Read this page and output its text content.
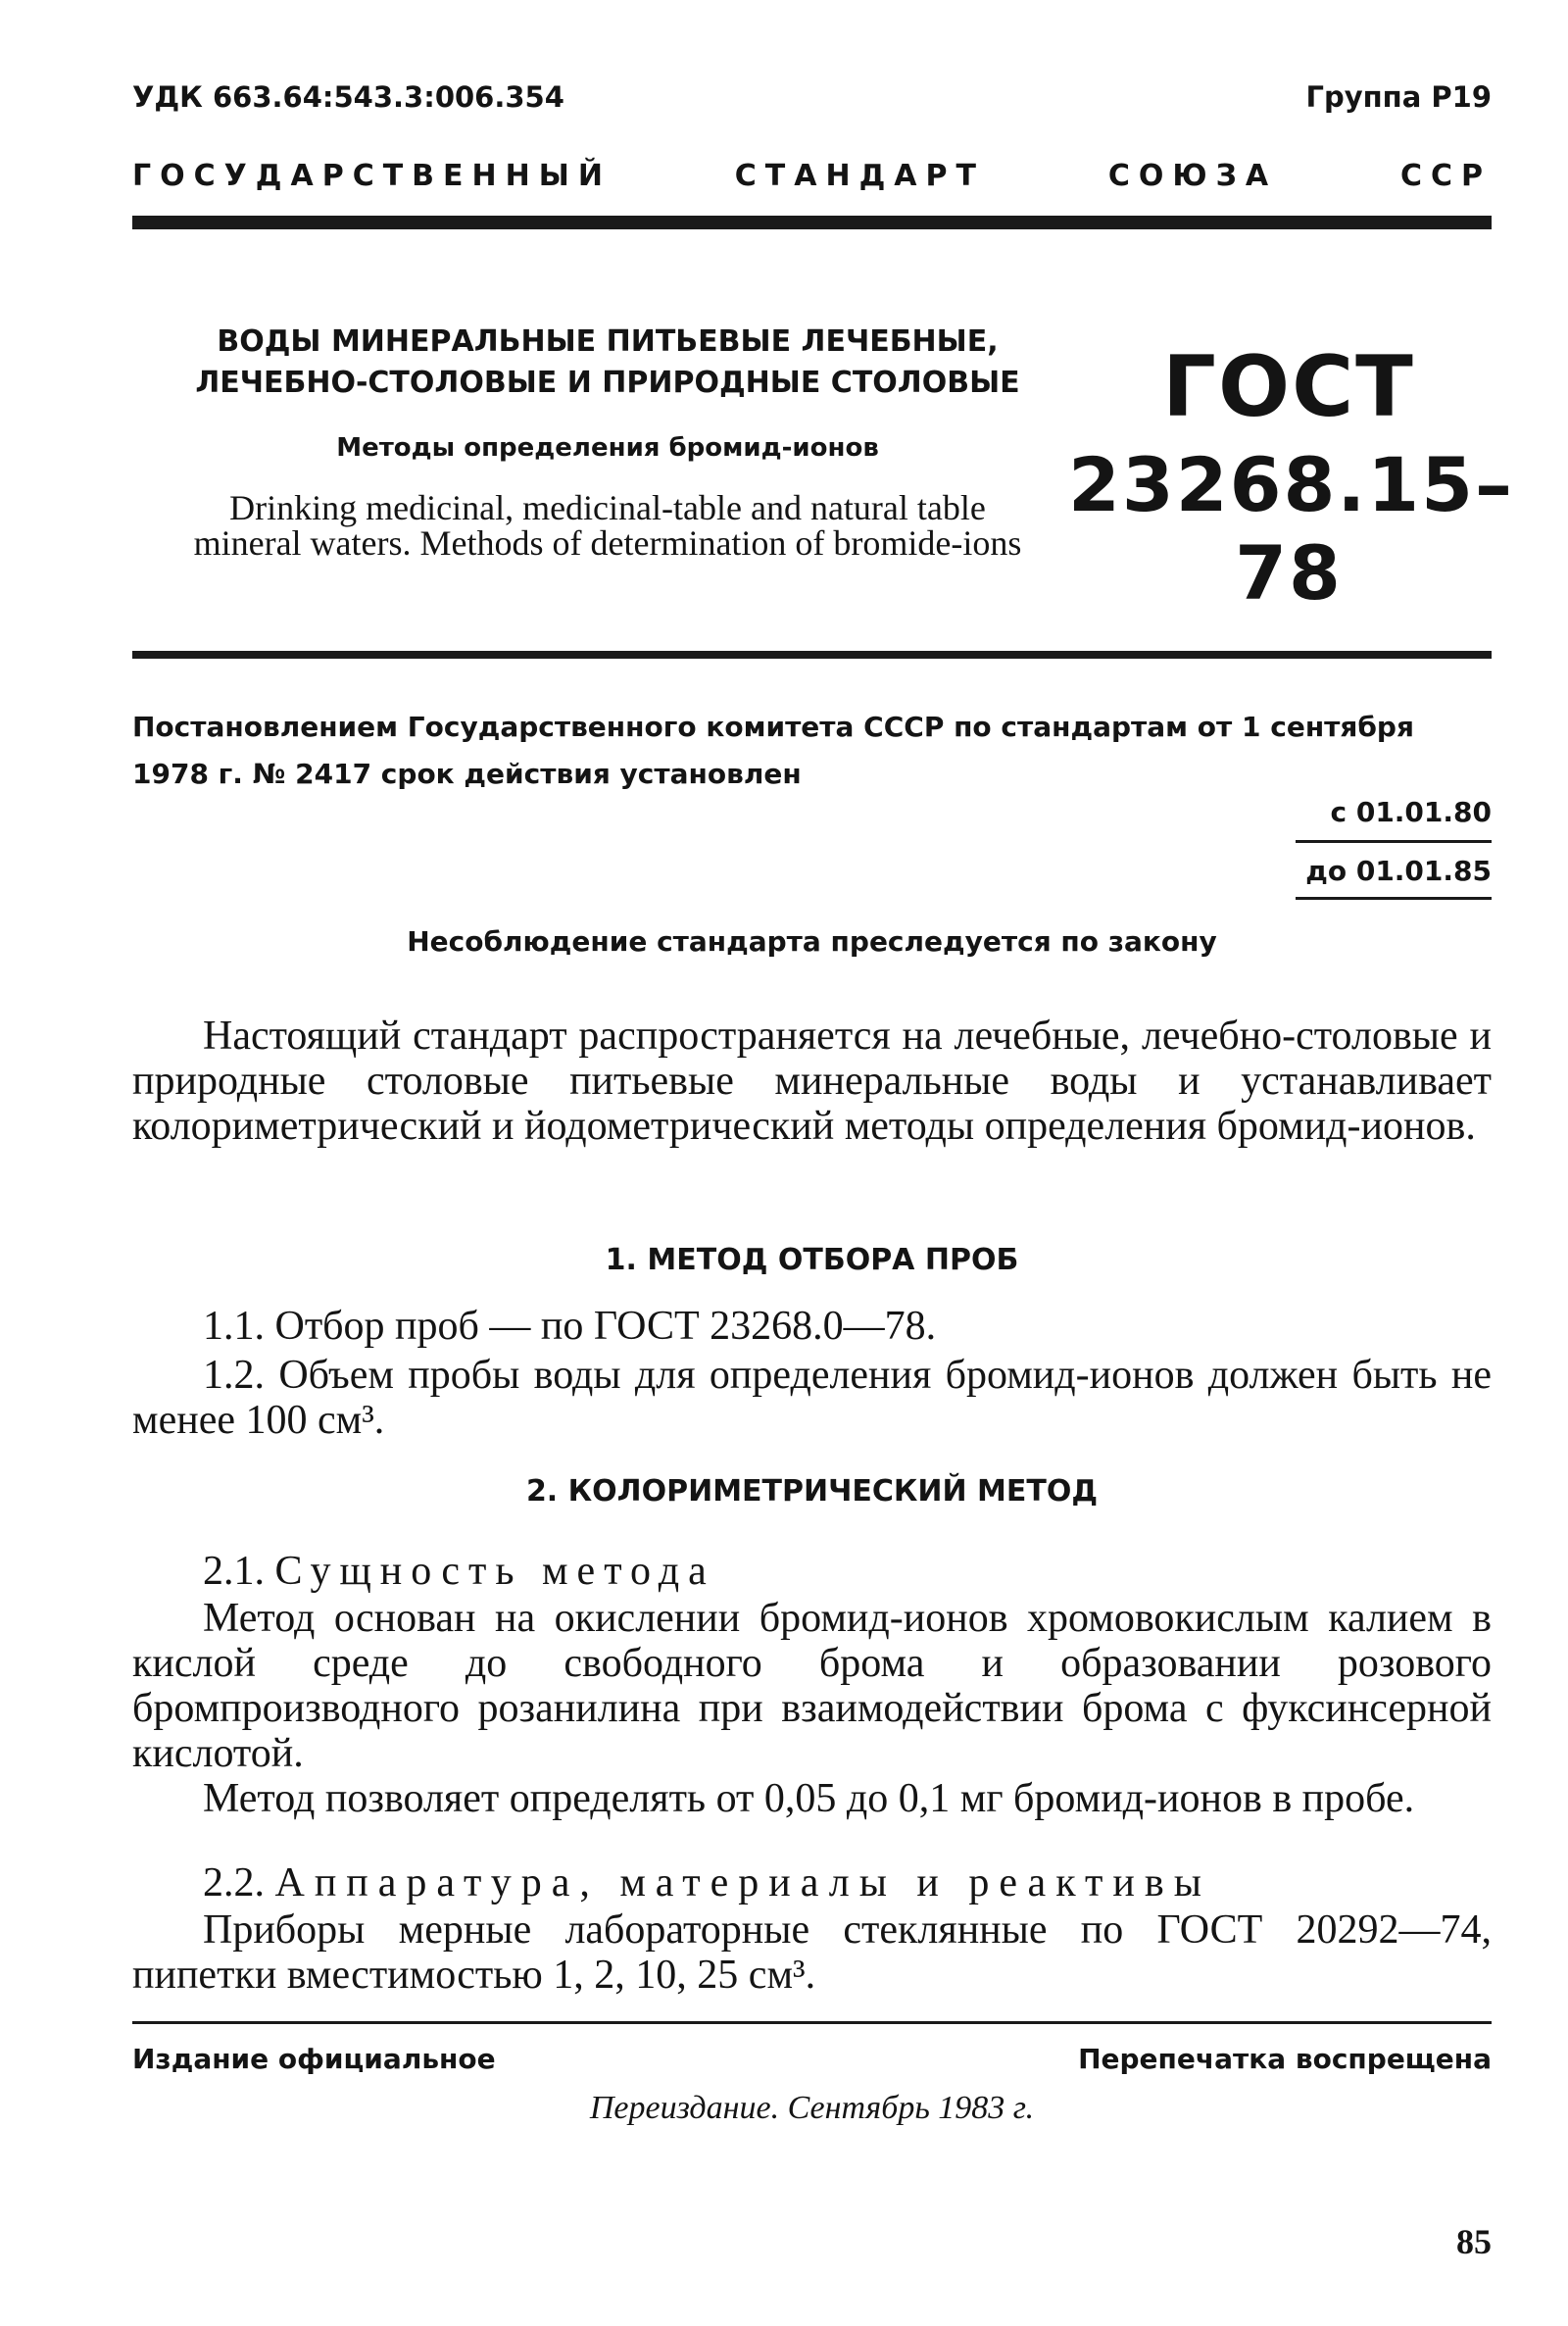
УДК 663.64:543.3:006.354	Группа Р19
ГОСУДАРСТВЕННЫЙ	СТАНДАРТ	СОЮЗА	ССР
ВОДЫ МИНЕРАЛЬНЫЕ ПИТЬЕВЫЕ ЛЕЧЕБНЫЕ,
ЛЕЧЕБНО-СТОЛОВЫЕ И ПРИРОДНЫЕ СТОЛОВЫЕ
Методы определения бромид-ионов
Drinking medicinal, medicinal-table and natural table
mineral waters. Methods of determination of bromide-ions
ГОСТ
23268.15–78
Постановлением Государственного комитета СССР по стандартам от 1 сентября
1978 г. № 2417 срок действия установлен
с 01.01.80
до 01.01.85
Несоблюдение стандарта преследуется по закону
Настоящий стандарт распространяется на лечебные, лечебно-столовые и природные столовые питьевые минеральные воды и устанавливает колориметрический и йодометрический методы определения бромид-ионов.
1. МЕТОД ОТБОРА ПРОБ
1.1. Отбор проб — по ГОСТ 23268.0—78.
1.2. Объем пробы воды для определения бромид-ионов должен быть не менее 100 см³.
2. КОЛОРИМЕТРИЧЕСКИЙ МЕТОД
2.1. Сущность метода
Метод основан на окислении бромид-ионов хромовокислым калием в кислой среде до свободного брома и образовании розового бромпроизводного розанилина при взаимодействии брома с фуксинсерной кислотой.
Метод позволяет определять от 0,05 до 0,1 мг бромид-ионов в пробе.
2.2. Аппаратура, материалы и реактивы
Приборы мерные лабораторные стеклянные по ГОСТ 20292—74, пипетки вместимостью 1, 2, 10, 25 см³.
Издание официальное	Перепечатка воспрещена
Переиздание. Сентябрь 1983 г.
85
